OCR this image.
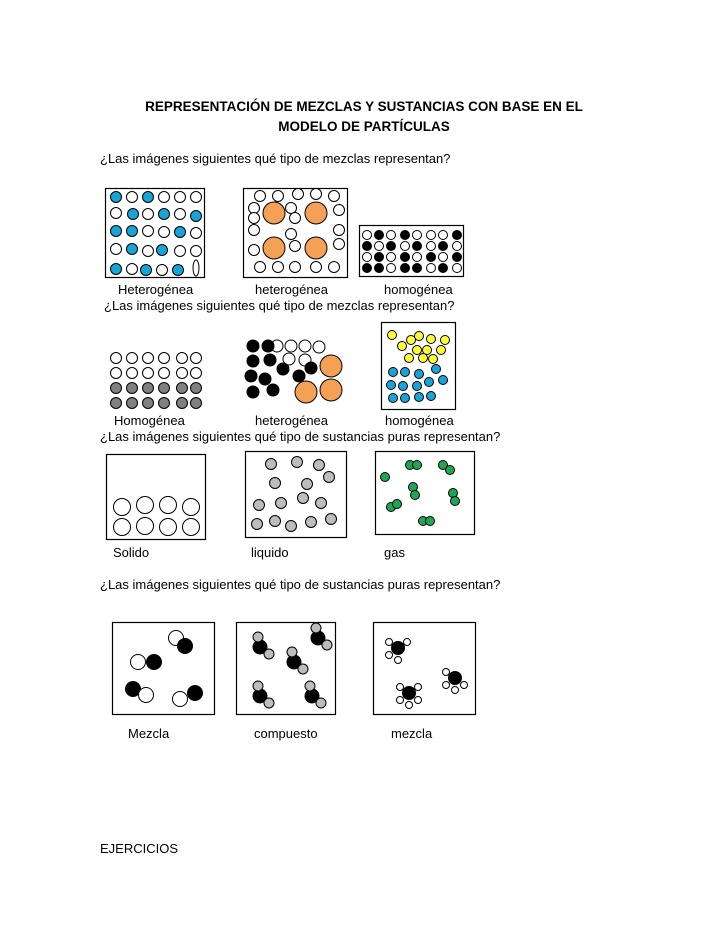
REPRESENTACIÓN DE MEZCLAS Y SUSTANCIAS CON BASE EN EL
MODELO DE PARTÍCULAS
¿Las imágenes siguientes qué tipo de mezclas representan?
Heterogénea	heterogénea	homogénea
¿Las imágenes siguientes qué tipo de mezclas representan?
Homogénea	heterogénea	homogénea
¿Las imágenes siguientes qué tipo de sustancias puras representan?
Solido	liquido	gas
¿Las imágenes siguientes qué tipo de sustancias puras representan?
Mezcla	compuesto	mezcla
EJERCICIOS
